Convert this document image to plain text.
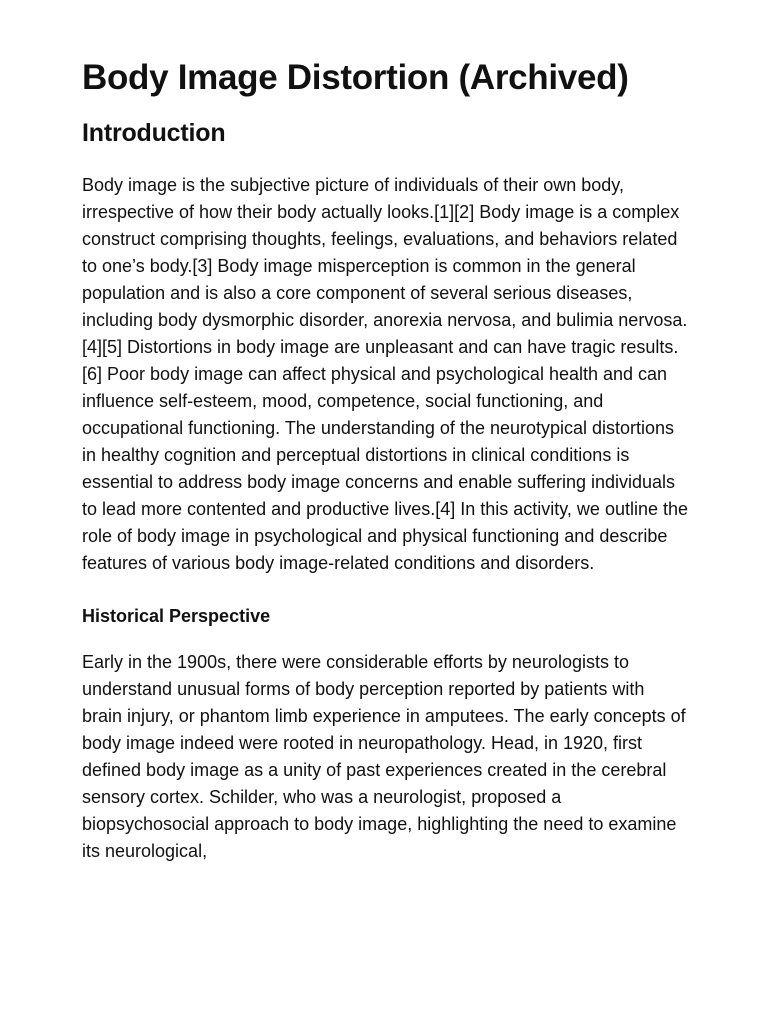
Body Image Distortion (Archived)
Introduction

Body image is the subjective picture of individuals of their own body, irrespective of how their body actually looks.[1][2] Body image is a complex construct comprising thoughts, feelings, evaluations, and behaviors related to one’s body.[3] Body image misperception is common in the general population and is also a core component of several serious diseases, including body dysmorphic disorder, anorexia nervosa, and bulimia nervosa.[4][5] Distortions in body image are unpleasant and can have tragic results.[6] Poor body image can affect physical and psychological health and can influence self-esteem, mood, competence, social functioning, and occupational functioning. The understanding of the neurotypical distortions in healthy cognition and perceptual distortions in clinical conditions is essential to address body image concerns and enable suffering individuals to lead more contented and productive lives.[4] In this activity, we outline the role of body image in psychological and physical functioning and describe features of various body image-related conditions and disorders.

Historical Perspective

Early in the 1900s, there were considerable efforts by neurologists to understand unusual forms of body perception reported by patients with brain injury, or phantom limb experience in amputees. The early concepts of body image indeed were rooted in neuropathology. Head, in 1920, first defined body image as a unity of past experiences created in the cerebral sensory cortex. Schilder, who was a neurologist, proposed a biopsychosocial approach to body image, highlighting the need to examine its neurological,
